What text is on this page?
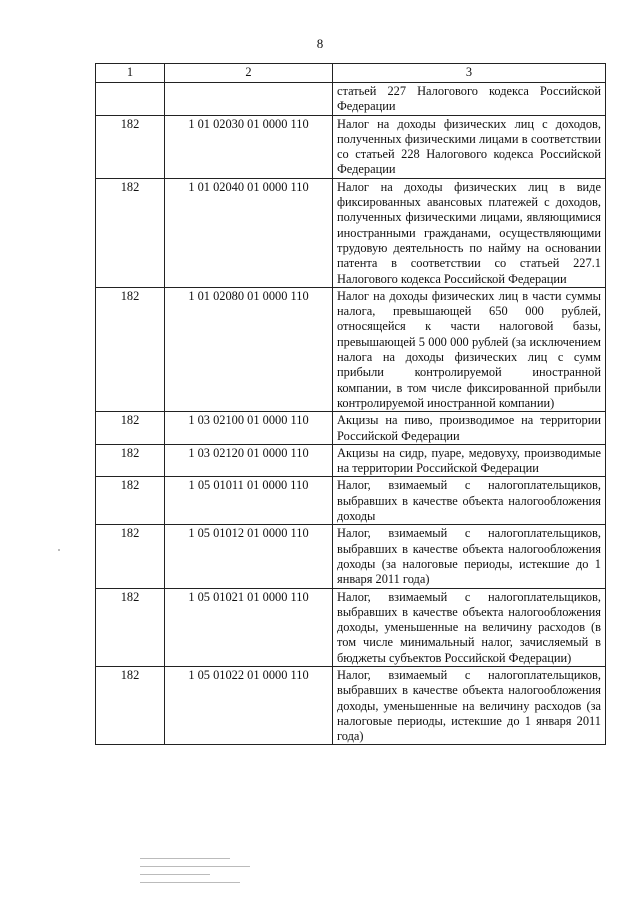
8
1	2	3
		статьей 227 Налогового кодекса Российской Федерации
182	1 01 02030 01 0000 110	Налог на доходы физических лиц с доходов, полученных физическими лицами в соответствии со статьей 228 Налогового кодекса Российской Федерации
182	1 01 02040 01 0000 110	Налог на доходы физических лиц в виде фиксированных авансовых платежей с доходов, полученных физическими лицами, являющимися иностранными гражданами, осуществляющими трудовую деятельность по найму на основании патента в соответствии со статьей 227.1 Налогового кодекса Российской Федерации
182	1 01 02080 01 0000 110	Налог на доходы физических лиц в части суммы налога, превышающей 650 000 рублей, относящейся к части налоговой базы, превышающей 5 000 000 рублей (за исключением налога на доходы физических лиц с сумм прибыли контролируемой иностранной компании, в том числе фиксированной прибыли контролируемой иностранной компании)
182	1 03 02100 01 0000 110	Акцизы на пиво, производимое на территории Российской Федерации
182	1 03 02120 01 0000 110	Акцизы на сидр, пуаре, медовуху, производимые на территории Российской Федерации
182	1 05 01011 01 0000 110	Налог, взимаемый с налогоплательщиков, выбравших в качестве объекта налогообложения доходы
182	1 05 01012 01 0000 110	Налог, взимаемый с налогоплательщиков, выбравших в качестве объекта налогообложения доходы (за налоговые периоды, истекшие до 1 января 2011 года)
182	1 05 01021 01 0000 110	Налог, взимаемый с налогоплательщиков, выбравших в качестве объекта налогообложения доходы, уменьшенные на величину расходов (в том числе минимальный налог, зачисляемый в бюджеты субъектов Российской Федерации)
182	1 05 01022 01 0000 110	Налог, взимаемый с налогоплательщиков, выбравших в качестве объекта налогообложения доходы, уменьшенные на величину расходов (за налоговые периоды, истекшие до 1 января 2011 года)
